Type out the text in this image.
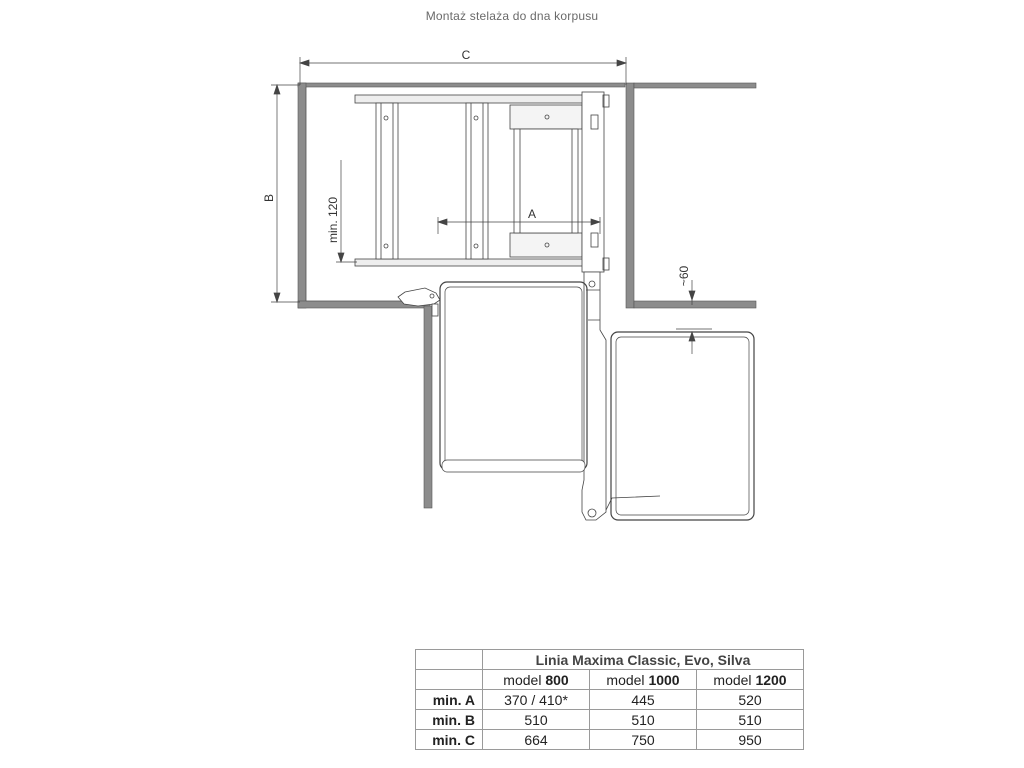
Montaż stelaża do dna korpusu
C
B	min. 120	A
~60
	Linia Maxima Classic, Evo, Silva		
	model 800	model 1000	model 1200
min. A	370 / 410*	445	520
min. B	510	510	510
min. C	664	750	950
